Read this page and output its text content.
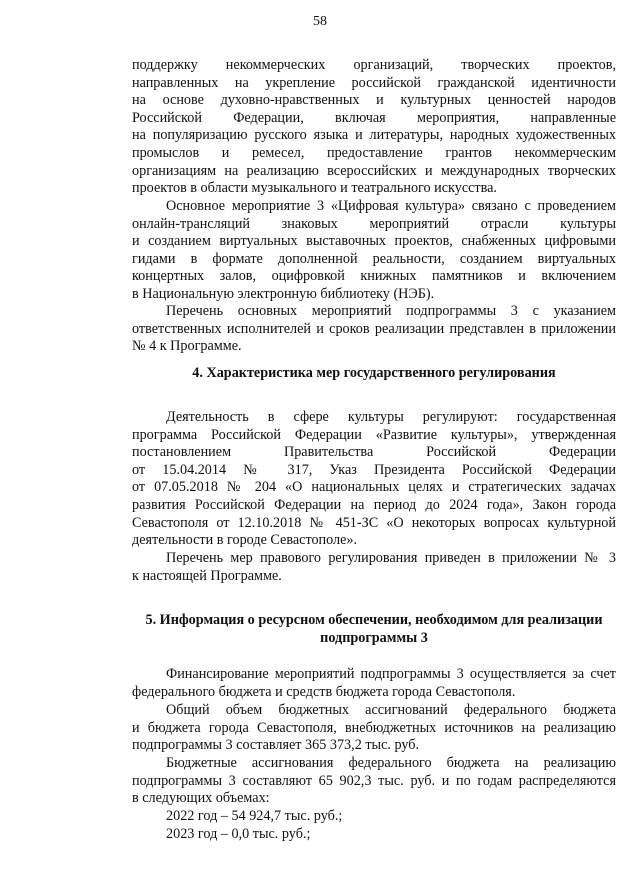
58

поддержку некоммерческих организаций, творческих проектов,
направленных на укрепление российской гражданской идентичности
на основе духовно-нравственных и культурных ценностей народов
Российской Федерации, включая мероприятия, направленные
на популяризацию русского языка и литературы, народных художественных
промыслов и ремесел, предоставление грантов некоммерческим
организациям на реализацию всероссийских и международных творческих
проектов в области музыкального и театрального искусства.

Основное мероприятие 3 «Цифровая культура» связано с проведением
онлайн-трансляций знаковых мероприятий отрасли культуры
и созданием виртуальных выставочных проектов, снабженных цифровыми
гидами в формате дополненной реальности, созданием виртуальных
концертных залов, оцифровкой книжных памятников и включением
в Национальную электронную библиотеку (НЭБ).

Перечень основных мероприятий подпрограммы 3 с указанием
ответственных исполнителей и сроков реализации представлен в приложении
№ 4 к Программе.

4. Характеристика мер государственного регулирования

Деятельность в сфере культуры регулируют: государственная
программа Российской Федерации «Развитие культуры», утвержденная
постановлением Правительства Российской Федерации
от 15.04.2014 № 317, Указ Президента Российской Федерации
от 07.05.2018 № 204 «О национальных целях и стратегических задачах
развития Российской Федерации на период до 2024 года», Закон города
Севастополя от 12.10.2018 № 451-ЗС «О некоторых вопросах культурной
деятельности в городе Севастополе».

Перечень мер правового регулирования приведен в приложении № 3
к настоящей Программе.

5. Информация о ресурсном обеспечении, необходимом для реализации
подпрограммы 3

Финансирование мероприятий подпрограммы 3 осуществляется за счет
федерального бюджета и средств бюджета города Севастополя.

Общий объем бюджетных ассигнований федерального бюджета
и бюджета города Севастополя, внебюджетных источников на реализацию
подпрограммы 3 составляет 365 373,2 тыс. руб.

Бюджетные ассигнования федерального бюджета на реализацию
подпрограммы 3 составляют 65 902,3 тыс. руб. и по годам распределяются
в следующих объемах:

2022 год – 54 924,7 тыс. руб.;
2023 год – 0,0 тыс. руб.;
